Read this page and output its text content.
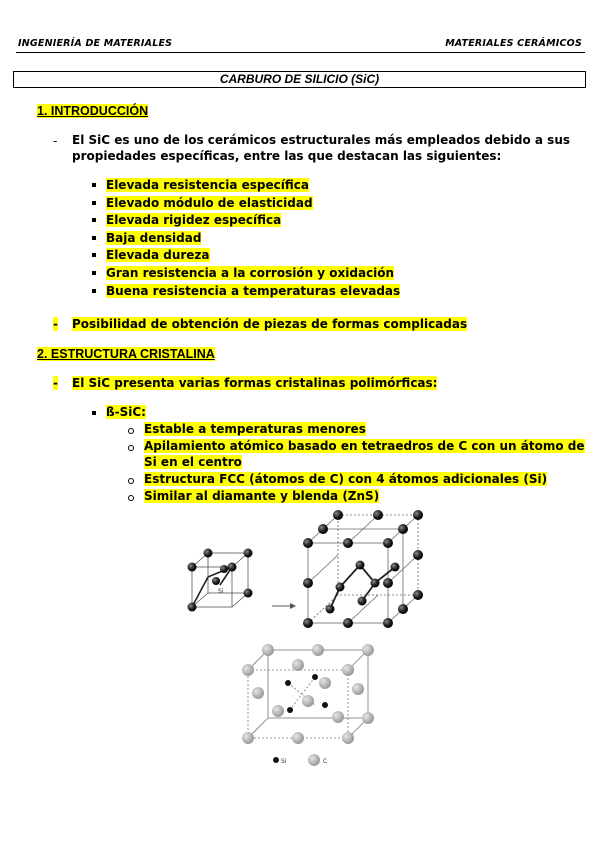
INGENIERÍA DE MATERIALES	MATERIALES CERÁMICOS
CARBURO DE SILICIO (SiC)
1. INTRODUCCIÓN
- El SiC es uno de los cerámicos estructurales más empleados debido a sus
propiedades específicas, entre las que destacan las siguientes:
Elevada resistencia específica
Elevado módulo de elasticidad
Elevada rigidez específica
Baja densidad
Elevada dureza
Gran resistencia a la corrosión y oxidación
Buena resistencia a temperaturas elevadas
- Posibilidad de obtención de piezas de formas complicadas
2. ESTRUCTURA CRISTALINA
- El SiC presenta varias formas cristalinas polimórficas:
ß-SiC:
Estable a temperaturas menores
Apilamiento atómico basado en tetraedros de C con un átomo de
Si en el centro
Estructura FCC (átomos de C) con 4 átomos adicionales (Si)
Similar al diamante y blenda (ZnS)
Si
Si	C
